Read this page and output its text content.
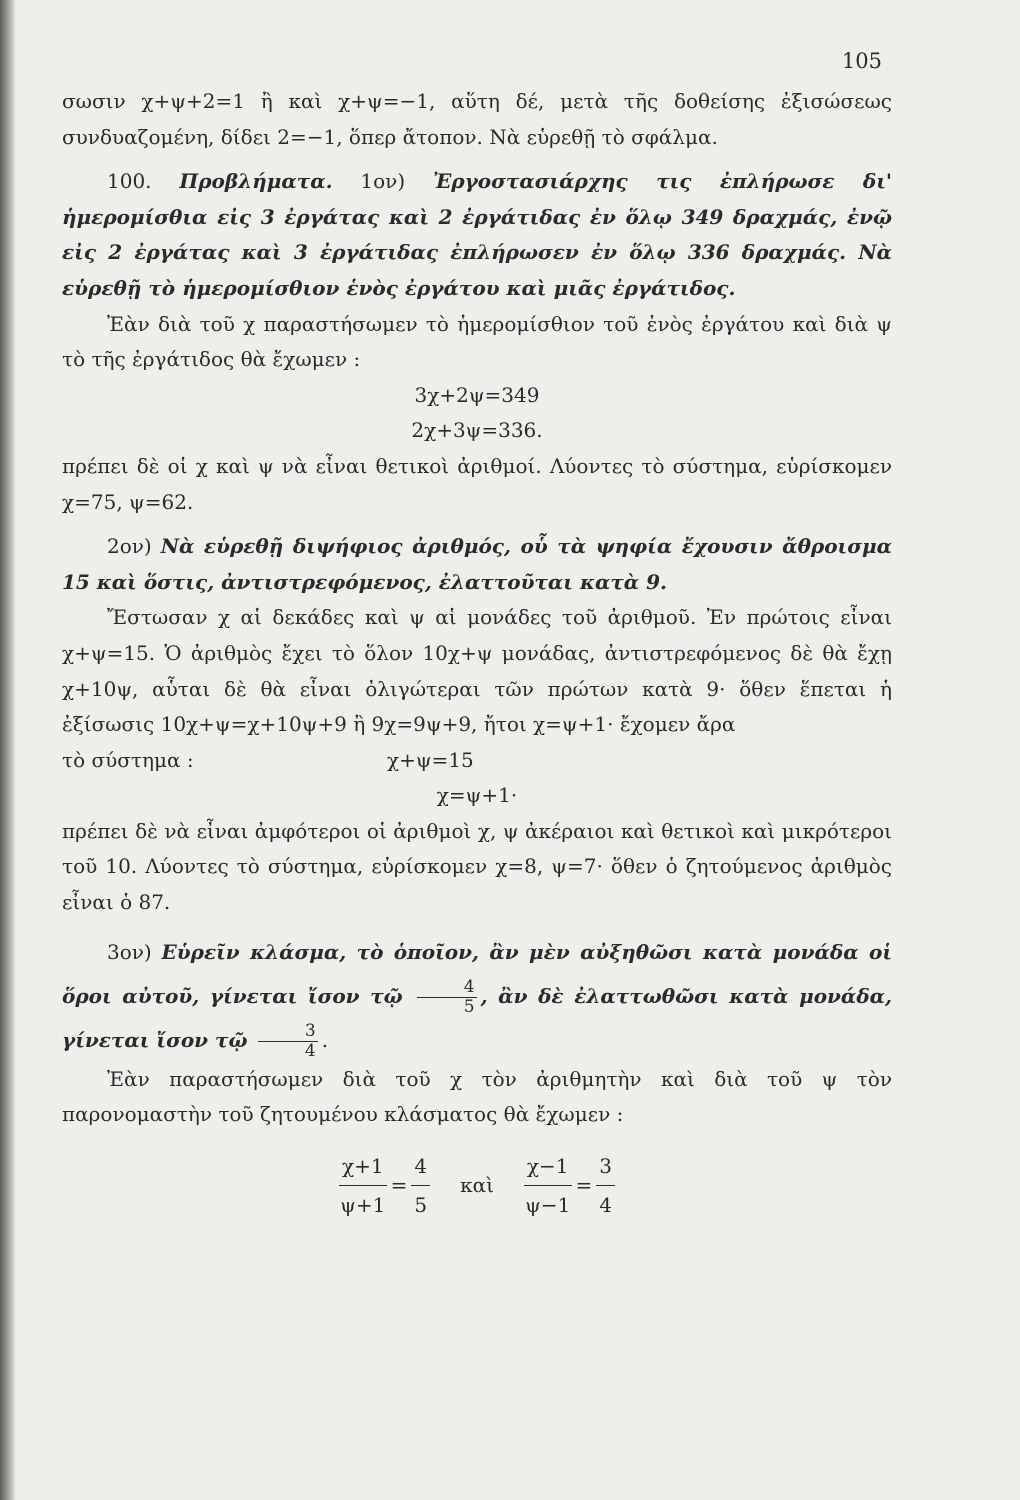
105

σωσιν χ+ψ+2=1 ἢ καὶ χ+ψ=−1, αὕτη δέ, μετὰ τῆς δοθείσης ἐξισώσεως συνδυαζομένη, δίδει 2=−1, ὅπερ ἄτοπον. Νὰ εὑρεθῇ τὸ σφάλμα.

100. Προβλήματα. 1ον) Ἐργοστασιάρχης τις ἐπλήρωσε δι' ἡμερομίσθια εἰς 3 ἐργάτας καὶ 2 ἐργάτιδας ἐν ὅλῳ 349 δραχμάς, ἐνῷ εἰς 2 ἐργάτας καὶ 3 ἐργάτιδας ἐπλήρωσεν ἐν ὅλῳ 336 δραχμάς. Νὰ εὑρεθῇ τὸ ἡμερομίσθιον ἑνὸς ἐργάτου καὶ μιᾶς ἐργάτιδος.

Ἐὰν διὰ τοῦ χ παραστήσωμεν τὸ ἡμερομίσθιον τοῦ ἑνὸς ἐργάτου καὶ διὰ ψ τὸ τῆς ἐργάτιδος θὰ ἔχωμεν :

3χ+2ψ=349
2χ+3ψ=336.

πρέπει δὲ οἱ χ καὶ ψ νὰ εἶναι θετικοὶ ἀριθμοί. Λύοντες τὸ σύστημα, εὑρίσκομεν χ=75, ψ=62.

2ον) Νὰ εὑρεθῇ διψήφιος ἀριθμός, οὗ τὰ ψηφία ἔχουσιν ἄθροισμα 15 καὶ ὅστις, ἀντιστρεφόμενος, ἐλαττοῦται κατὰ 9.

Ἔστωσαν χ αἱ δεκάδες καὶ ψ αἱ μονάδες τοῦ ἀριθμοῦ. Ἐν πρώτοις εἶναι χ+ψ=15. Ὁ ἀριθμὸς ἔχει τὸ ὅλον 10χ+ψ μονάδας, ἀντιστρεφόμενος δὲ θὰ ἔχῃ χ+10ψ, αὗται δὲ θὰ εἶναι ὀλιγώτεραι τῶν πρώτων κατὰ 9· ὅθεν ἕπεται ἡ ἐξίσωσις 10χ+ψ=χ+10ψ+9 ἢ 9χ=9ψ+9, ἤτοι χ=ψ+1· ἔχομεν ἄρα

τὸ σύστημα :	χ+ψ=15
χ=ψ+1·

πρέπει δὲ νὰ εἶναι ἀμφότεροι οἱ ἀριθμοὶ χ, ψ ἀκέραιοι καὶ θετικοὶ καὶ μικρότεροι τοῦ 10. Λύοντες τὸ σύστημα, εὑρίσκομεν χ=8, ψ=7· ὅθεν ὁ ζητούμενος ἀριθμὸς εἶναι ὁ 87.

3ον) Εὑρεῖν κλάσμα, τὸ ὁποῖον, ἂν μὲν αὐξηθῶσι κατὰ μονάδα οἱ ὅροι αὐτοῦ, γίνεται ἴσον τῷ $\frac{4}{5}$ , ἂν δὲ ἐλαττωθῶσι κατὰ μονάδα, γίνεται ἴσον τῷ $\frac{3}{4}$ .

Ἐὰν παραστήσωμεν διὰ τοῦ χ τὸν ἀριθμητὴν καὶ διὰ τοῦ ψ τὸν παρονομαστὴν τοῦ ζητουμένου κλάσματος θὰ ἔχωμεν :

$\frac{\chi+1}{\psi+1} = \frac{4}{5}$ καὶ $\frac{\chi-1}{\psi-1} = \frac{3}{4}$
